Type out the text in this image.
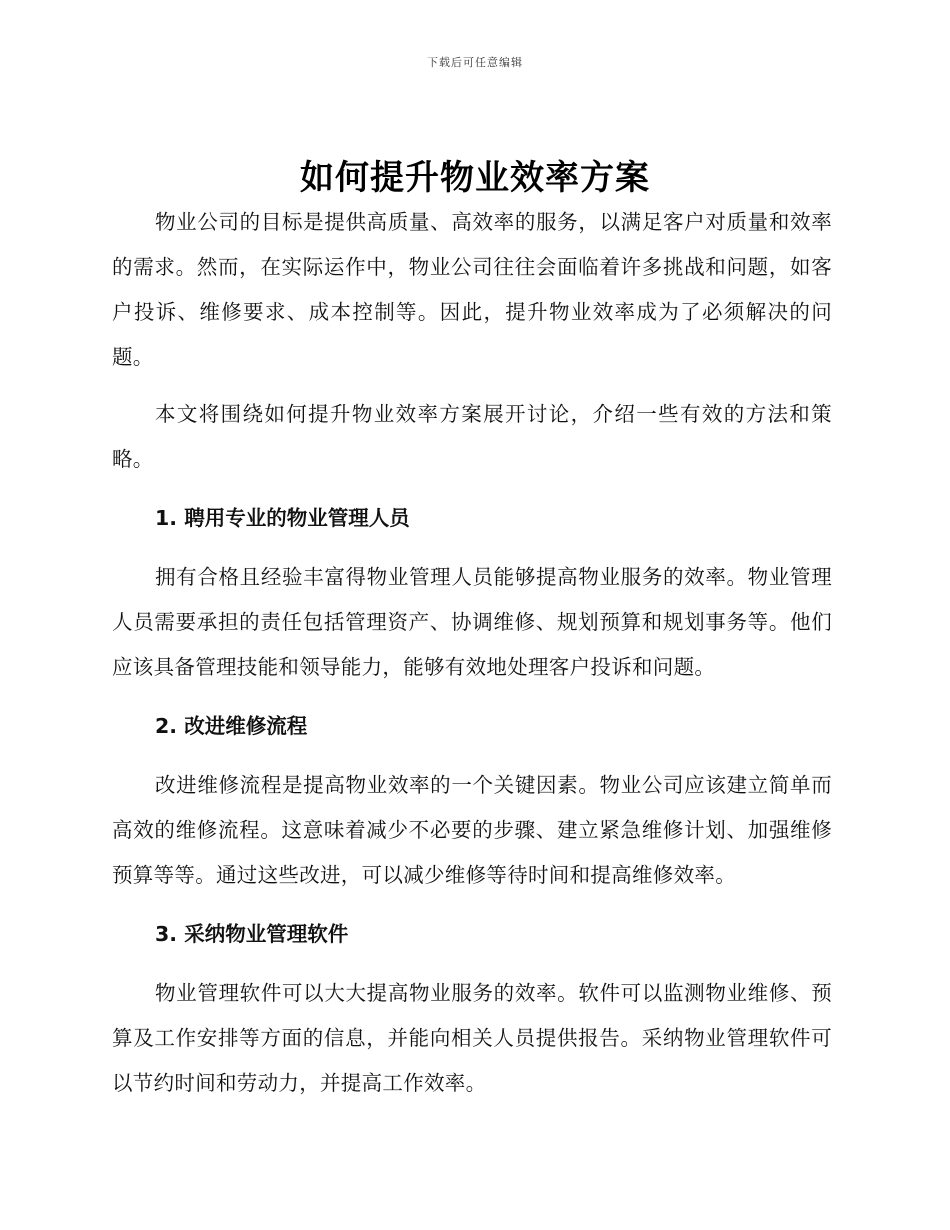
下载后可任意编辑
如何提升物业效率方案

物业公司的目标是提供高质量、高效率的服务，以满足客户对质量和效率的需求。然而，在实际运作中，物业公司往往会面临着许多挑战和问题，如客户投诉、维修要求、成本控制等。因此，提升物业效率成为了必须解决的问题。

本文将围绕如何提升物业效率方案展开讨论，介绍一些有效的方法和策略。

1. 聘用专业的物业管理人员

拥有合格且经验丰富得物业管理人员能够提高物业服务的效率。物业管理人员需要承担的责任包括管理资产、协调维修、规划预算和规划事务等。他们应该具备管理技能和领导能力，能够有效地处理客户投诉和问题。

2. 改进维修流程

改进维修流程是提高物业效率的一个关键因素。物业公司应该建立简单而高效的维修流程。这意味着减少不必要的步骤、建立紧急维修计划、加强维修预算等等。通过这些改进，可以减少维修等待时间和提高维修效率。

3. 采纳物业管理软件

物业管理软件可以大大提高物业服务的效率。软件可以监测物业维修、预算及工作安排等方面的信息，并能向相关人员提供报告。采纳物业管理软件可以节约时间和劳动力，并提高工作效率。
